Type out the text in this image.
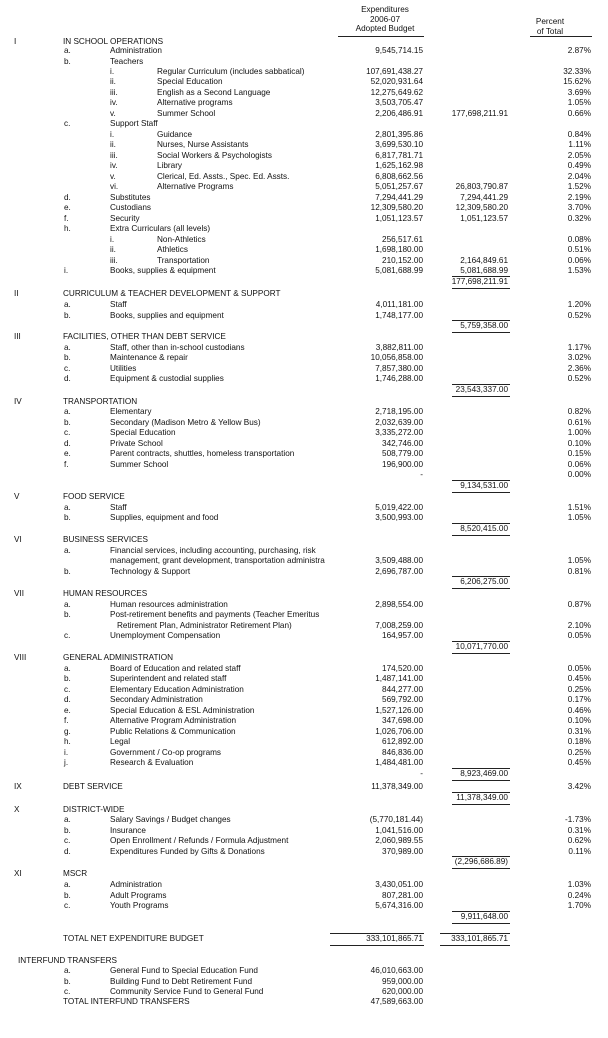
Expenditures
2006-07
Adopted Budget
Percent
of Total
I	IN SCHOOL OPERATIONS
a.	Administration	9,545,714.15	2.87%
b.	Teachers
i.	Regular Curriculum (includes sabbatical)	107,691,438.27	32.33%
ii.	Special Education	52,020,931.64	15.62%
iii.	English as a Second Language	12,275,649.62	3.69%
iv.	Alternative programs	3,503,705.47	1.05%
v.	Summer School	2,206,486.91	177,698,211.91	0.66%
c.	Support Staff
i.	Guidance	2,801,395.86	0.84%
ii.	Nurses, Nurse Assistants	3,699,530.10	1.11%
iii.	Social Workers & Psychologists	6,817,781.71	2.05%
iv.	Library	1,625,162.98	0.49%
v.	Clerical, Ed. Assts., Spec. Ed. Assts.	6,808,662.56	2.04%
vi.	Alternative Programs	5,051,257.67	26,803,790.87	1.52%
d.	Substitutes	7,294,441.29	7,294,441.29	2.19%
e.	Custodians	12,309,580.20	12,309,580.20	3.70%
f.	Security	1,051,123.57	1,051,123.57	0.32%
h.	Extra Curriculars (all levels)
i.	Non-Athletics	256,517.61	0.08%
ii.	Athletics	1,698,180.00	0.51%
iii.	Transportation	210,152.00	2,164,849.61	0.06%
i.	Books, supplies & equipment	5,081,688.99	5,081,688.99	1.53%
177,698,211.91
II	CURRICULUM & TEACHER DEVELOPMENT & SUPPORT
a.	Staff	4,011,181.00	1.20%
b.	Books, supplies and equipment	1,748,177.00	0.52%
5,759,358.00
III	FACILITIES, OTHER THAN DEBT SERVICE
a.	Staff, other than in-school custodians	3,882,811.00	1.17%
b.	Maintenance & repair	10,056,858.00	3.02%
c.	Utilities	7,857,380.00	2.36%
d.	Equipment & custodial supplies	1,746,288.00	0.52%
23,543,337.00
IV	TRANSPORTATION
a.	Elementary	2,718,195.00	0.82%
b.	Secondary (Madison Metro & Yellow Bus)	2,032,639.00	0.61%
c.	Special Education	3,335,272.00	1.00%
d.	Private School	342,746.00	0.10%
e.	Parent contracts, shuttles, homeless transportation	508,779.00	0.15%
f.	Summer School	196,900.00	0.06%
-	0.00%
9,134,531.00
V	FOOD SERVICE
a.	Staff	5,019,422.00	1.51%
b.	Supplies, equipment and food	3,500,993.00	1.05%
8,520,415.00
VI	BUSINESS SERVICES
a.	Financial services, including accounting, purchasing, risk
management, grant development, transportation administra	3,509,488.00	1.05%
b.	Technology & Support	2,696,787.00	0.81%
6,206,275.00
VII	HUMAN RESOURCES
a.	Human resources administration	2,898,554.00	0.87%
b.	Post-retirement benefits and payments (Teacher Emeritus
Retirement Plan, Administrator Retirement Plan)	7,008,259.00	2.10%
c.	Unemployment Compensation	164,957.00	0.05%
10,071,770.00
VIII	GENERAL ADMINISTRATION
a.	Board of Education and related staff	174,520.00	0.05%
b.	Superintendent and related staff	1,487,141.00	0.45%
c.	Elementary Education Administration	844,277.00	0.25%
d.	Secondary Administration	569,792.00	0.17%
e.	Special Education & ESL Administration	1,527,126.00	0.46%
f.	Alternative Program Administration	347,698.00	0.10%
g.	Public Relations & Communication	1,026,706.00	0.31%
h.	Legal	612,892.00	0.18%
i.	Government / Co-op programs	846,836.00	0.25%
j.	Research & Evaluation	1,484,481.00	0.45%
-	8,923,469.00
IX	DEBT SERVICE	11,378,349.00	3.42%
11,378,349.00
X	DISTRICT-WIDE
a.	Salary Savings / Budget changes	(5,770,181.44)	-1.73%
b.	Insurance	1,041,516.00	0.31%
c.	Open Enrollment / Refunds / Formula Adjustment	2,060,989.55	0.62%
d.	Expenditures Funded by Gifts & Donations	370,989.00	0.11%
(2,296,686.89)
XI	MSCR
a.	Administration	3,430,051.00	1.03%
b.	Adult Programs	807,281.00	0.24%
c.	Youth Programs	5,674,316.00	1.70%
9,911,648.00
TOTAL NET EXPENDITURE BUDGET	333,101,865.71	333,101,865.71
INTERFUND TRANSFERS
a.	General Fund to Special Education Fund	46,010,663.00
b.	Building Fund to Debt Retirement Fund	959,000.00
c.	Community Service Fund to General Fund	620,000.00
TOTAL INTERFUND TRANSFERS	47,589,663.00
